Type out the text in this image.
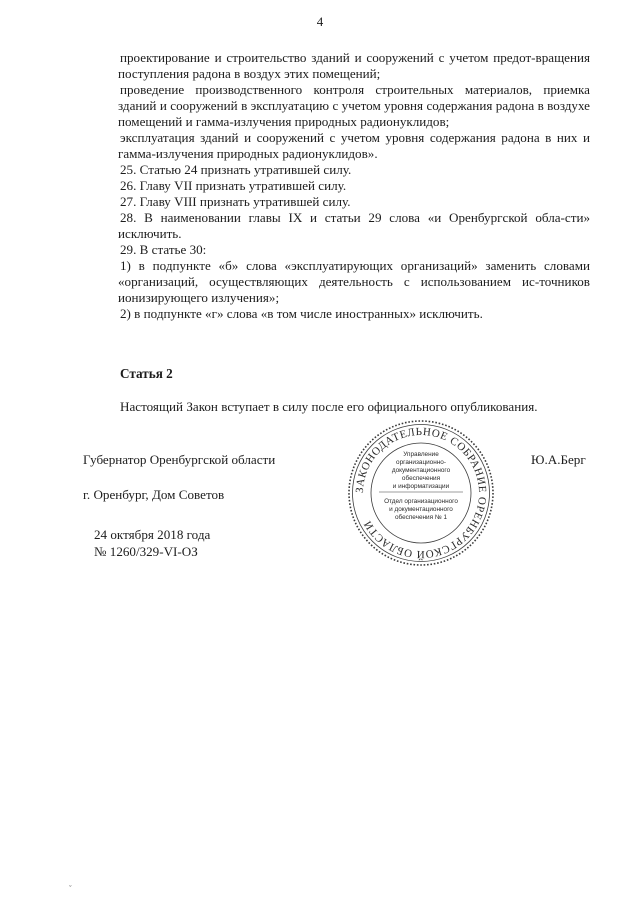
4

проектирование и строительство зданий и сооружений с учетом предот-вращения поступления радона в воздух этих помещений;

проведение производственного контроля строительных материалов, приемка зданий и сооружений в эксплуатацию с учетом уровня содержания радона в воздухе помещений и гамма-излучения природных радионуклидов;

эксплуатация зданий и сооружений с учетом уровня содержания радона в них и гамма-излучения природных радионуклидов».

25. Статью 24 признать утратившей силу.

26. Главу VII признать утратившей силу.

27. Главу VIII признать утратившей силу.

28. В наименовании главы IX и статьи 29 слова «и Оренбургской обла-сти» исключить.

29. В статье 30:

1) в подпункте «б» слова «эксплуатирующих организаций» заменить словами «организаций, осуществляющих деятельность с использованием ис-точников ионизирующего излучения»;

2) в подпункте «г» слова «в том числе иностранных» исключить.

Статья 2
Настоящий Закон вступает в силу после его официального опубликования.
Губернатор Оренбургской области	Ю.А.Берг
г. Оренбург, Дом Советов
24 октября 2018 года
№ 1260/329-VI-ОЗ
ЗАКОНОДАТЕЛЬНОЕ СОБРАНИЕ ОРЕНБУРГСКОЙ ОБЛАСТИ
Управление
организационно-
документационного
обеспечения
и информатизации
Отдел организационного
и документационного
обеспечения № 1
ˇ
